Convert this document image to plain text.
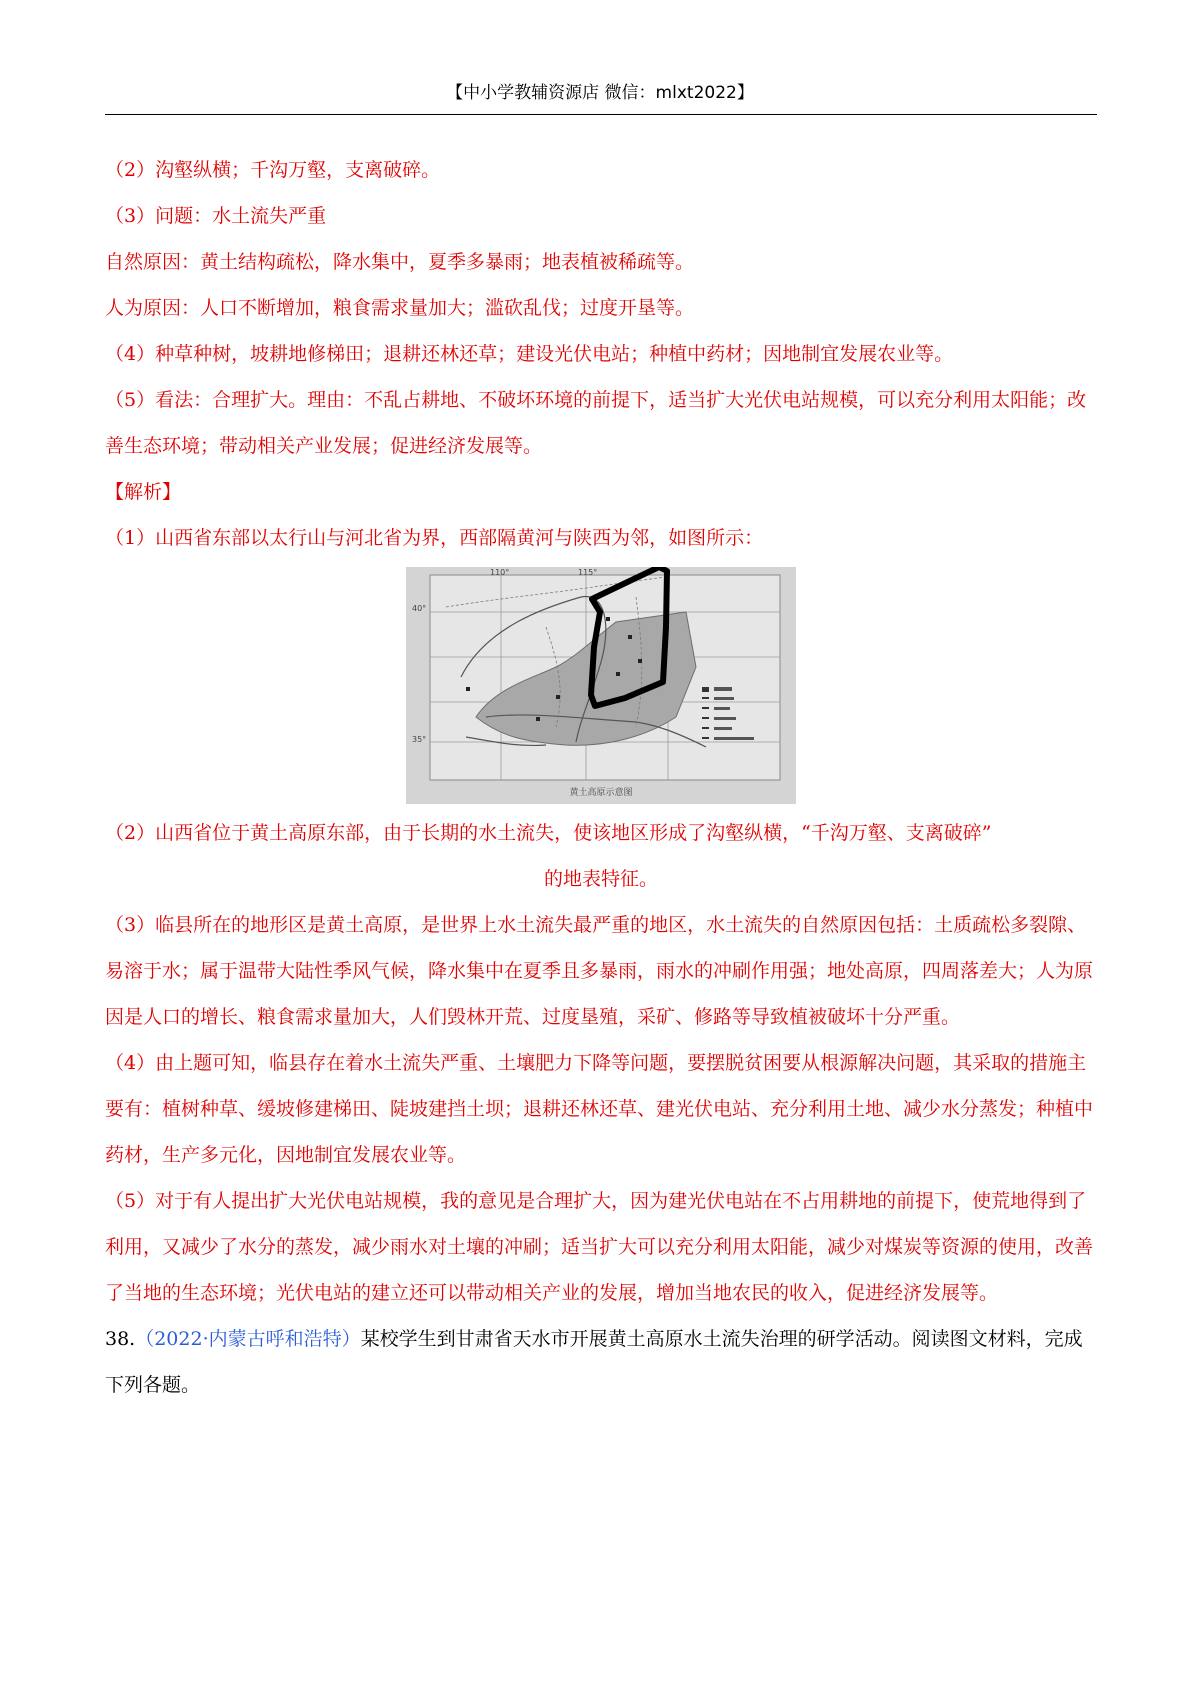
【中小学教辅资源店 微信：mlxt2022】

（2）沟壑纵横；千沟万壑，支离破碎。

（3）问题：水土流失严重

自然原因：黄土结构疏松，降水集中，夏季多暴雨；地表植被稀疏等。

人为原因：人口不断增加，粮食需求量加大；滥砍乱伐；过度开垦等。

（4）种草种树，坡耕地修梯田；退耕还林还草；建设光伏电站；种植中药材；因地制宜发展农业等。

（5）看法：合理扩大。理由：不乱占耕地、不破坏环境的前提下，适当扩大光伏电站规模，可以充分利用太阳能；改善生态环境；带动相关产业发展；促进经济发展等。

【解析】

（1）山西省东部以太行山与河北省为界，西部隔黄河与陕西为邻，如图所示：

110°	115°
40°
35°
黄土高原示意图

（2）山西省位于黄土高原东部，由于长期的水土流失，使该地区形成了沟壑纵横，“千沟万壑、支离破碎”

的地表特征。

（3）临县所在的地形区是黄土高原，是世界上水土流失最严重的地区，水土流失的自然原因包括：土质疏松多裂隙、易溶于水；属于温带大陆性季风气候，降水集中在夏季且多暴雨，雨水的冲刷作用强；地处高原，四周落差大；人为原因是人口的增长、粮食需求量加大，人们毁林开荒、过度垦殖，采矿、修路等导致植被破坏十分严重。

（4）由上题可知，临县存在着水土流失严重、土壤肥力下降等问题，要摆脱贫困要从根源解决问题，其采取的措施主要有：植树种草、缓坡修建梯田、陡坡建挡土坝；退耕还林还草、建光伏电站、充分利用土地、减少水分蒸发；种植中药材，生产多元化，因地制宜发展农业等。

（5）对于有人提出扩大光伏电站规模，我的意见是合理扩大，因为建光伏电站在不占用耕地的前提下，使荒地得到了利用，又减少了水分的蒸发，减少雨水对土壤的冲刷；适当扩大可以充分利用太阳能，减少对煤炭等资源的使用，改善了当地的生态环境；光伏电站的建立还可以带动相关产业的发展，增加当地农民的收入，促进经济发展等。

38.（2022·内蒙古呼和浩特）某校学生到甘肃省天水市开展黄土高原水土流失治理的研学活动。阅读图文材料，完成下列各题。
